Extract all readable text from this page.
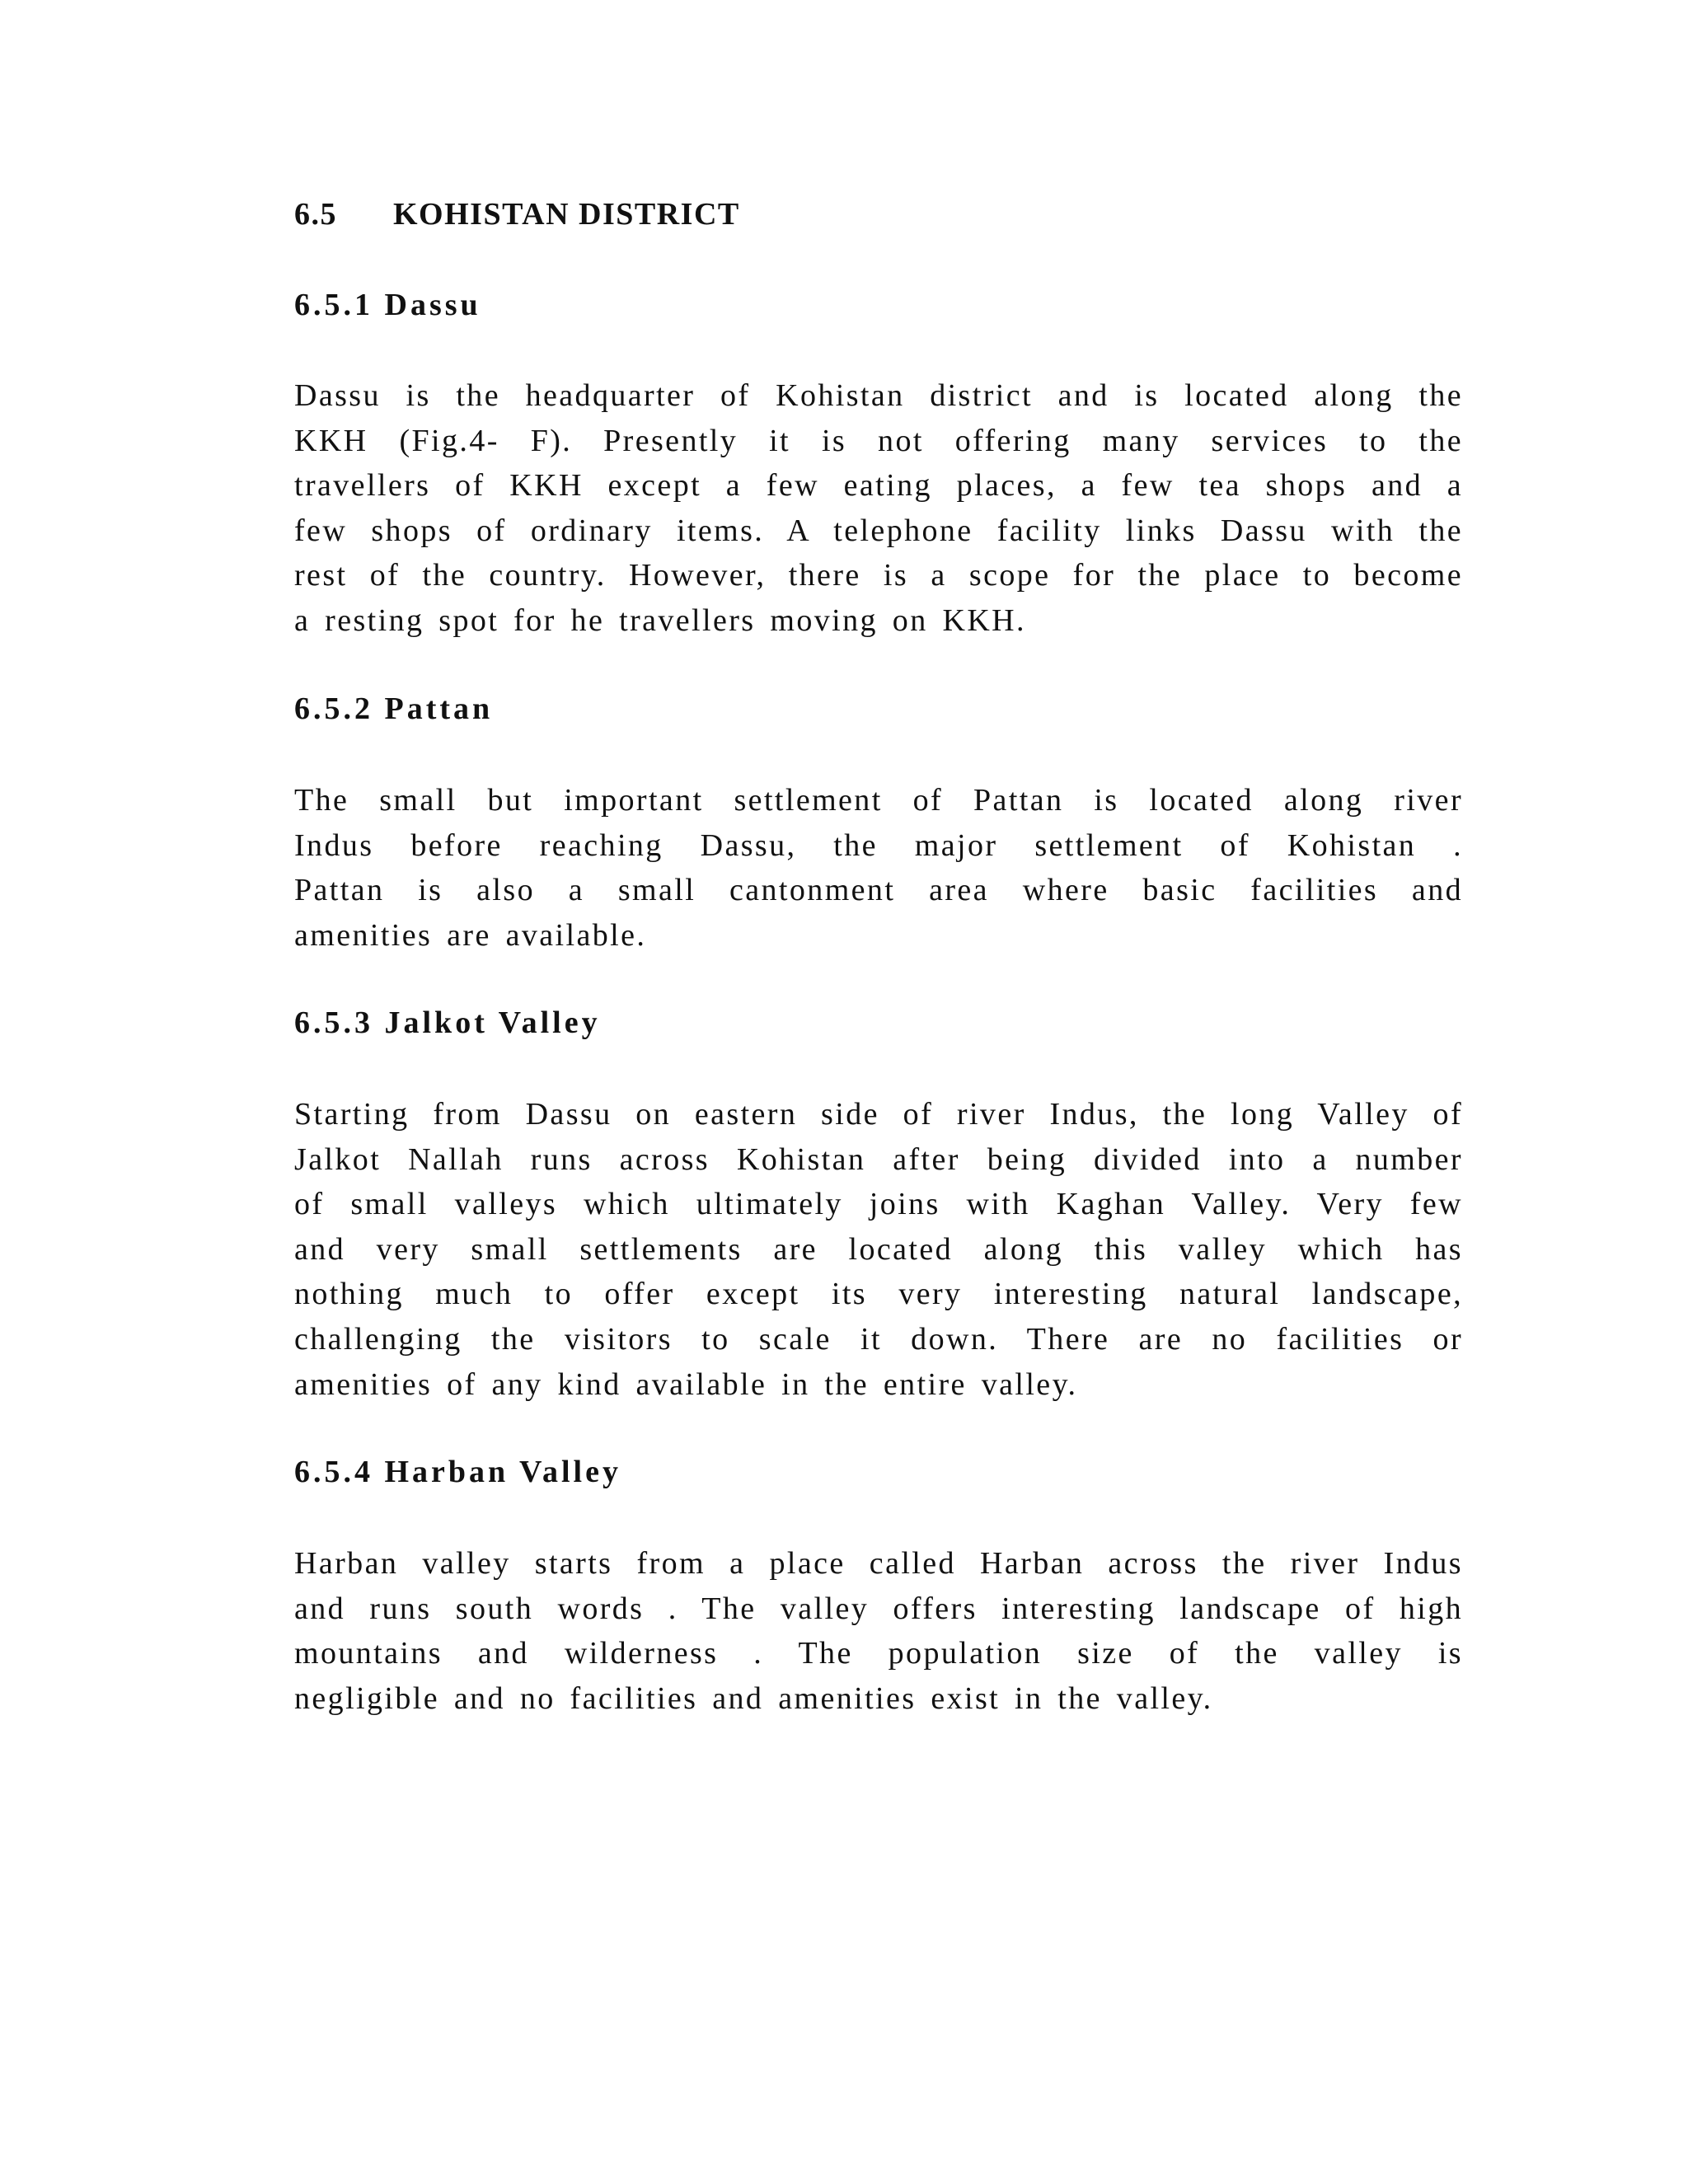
6.5 KOHISTAN DISTRICT
6.5.1 Dassu
Dassu is the headquarter of Kohistan district and is located along the
KKH (Fig.4- F). Presently it is not offering many services to the
travellers of KKH except a few eating places, a few tea shops and a
few shops of ordinary items. A telephone facility links Dassu with the
rest of the country. However, there is a scope for the place to become
a resting spot for he travellers moving on KKH.
6.5.2 Pattan
The small but important settlement of Pattan is located along river
Indus before reaching Dassu, the major settlement of Kohistan .
Pattan is also a small cantonment area where basic facilities and
amenities are available.
6.5.3 Jalkot Valley
Starting from Dassu on eastern side of river Indus, the long Valley of
Jalkot Nallah runs across Kohistan after being divided into a number
of small valleys which ultimately joins with Kaghan Valley. Very few
and very small settlements are located along this valley which has
nothing much to offer except its very interesting natural landscape,
challenging the visitors to scale it down. There are no facilities or
amenities of any kind available in the entire valley.
6.5.4 Harban Valley
Harban valley starts from a place called Harban across the river Indus
and runs south words . The valley offers interesting landscape of high
mountains and wilderness . The population size of the valley is
negligible and no facilities and amenities exist in the valley.
